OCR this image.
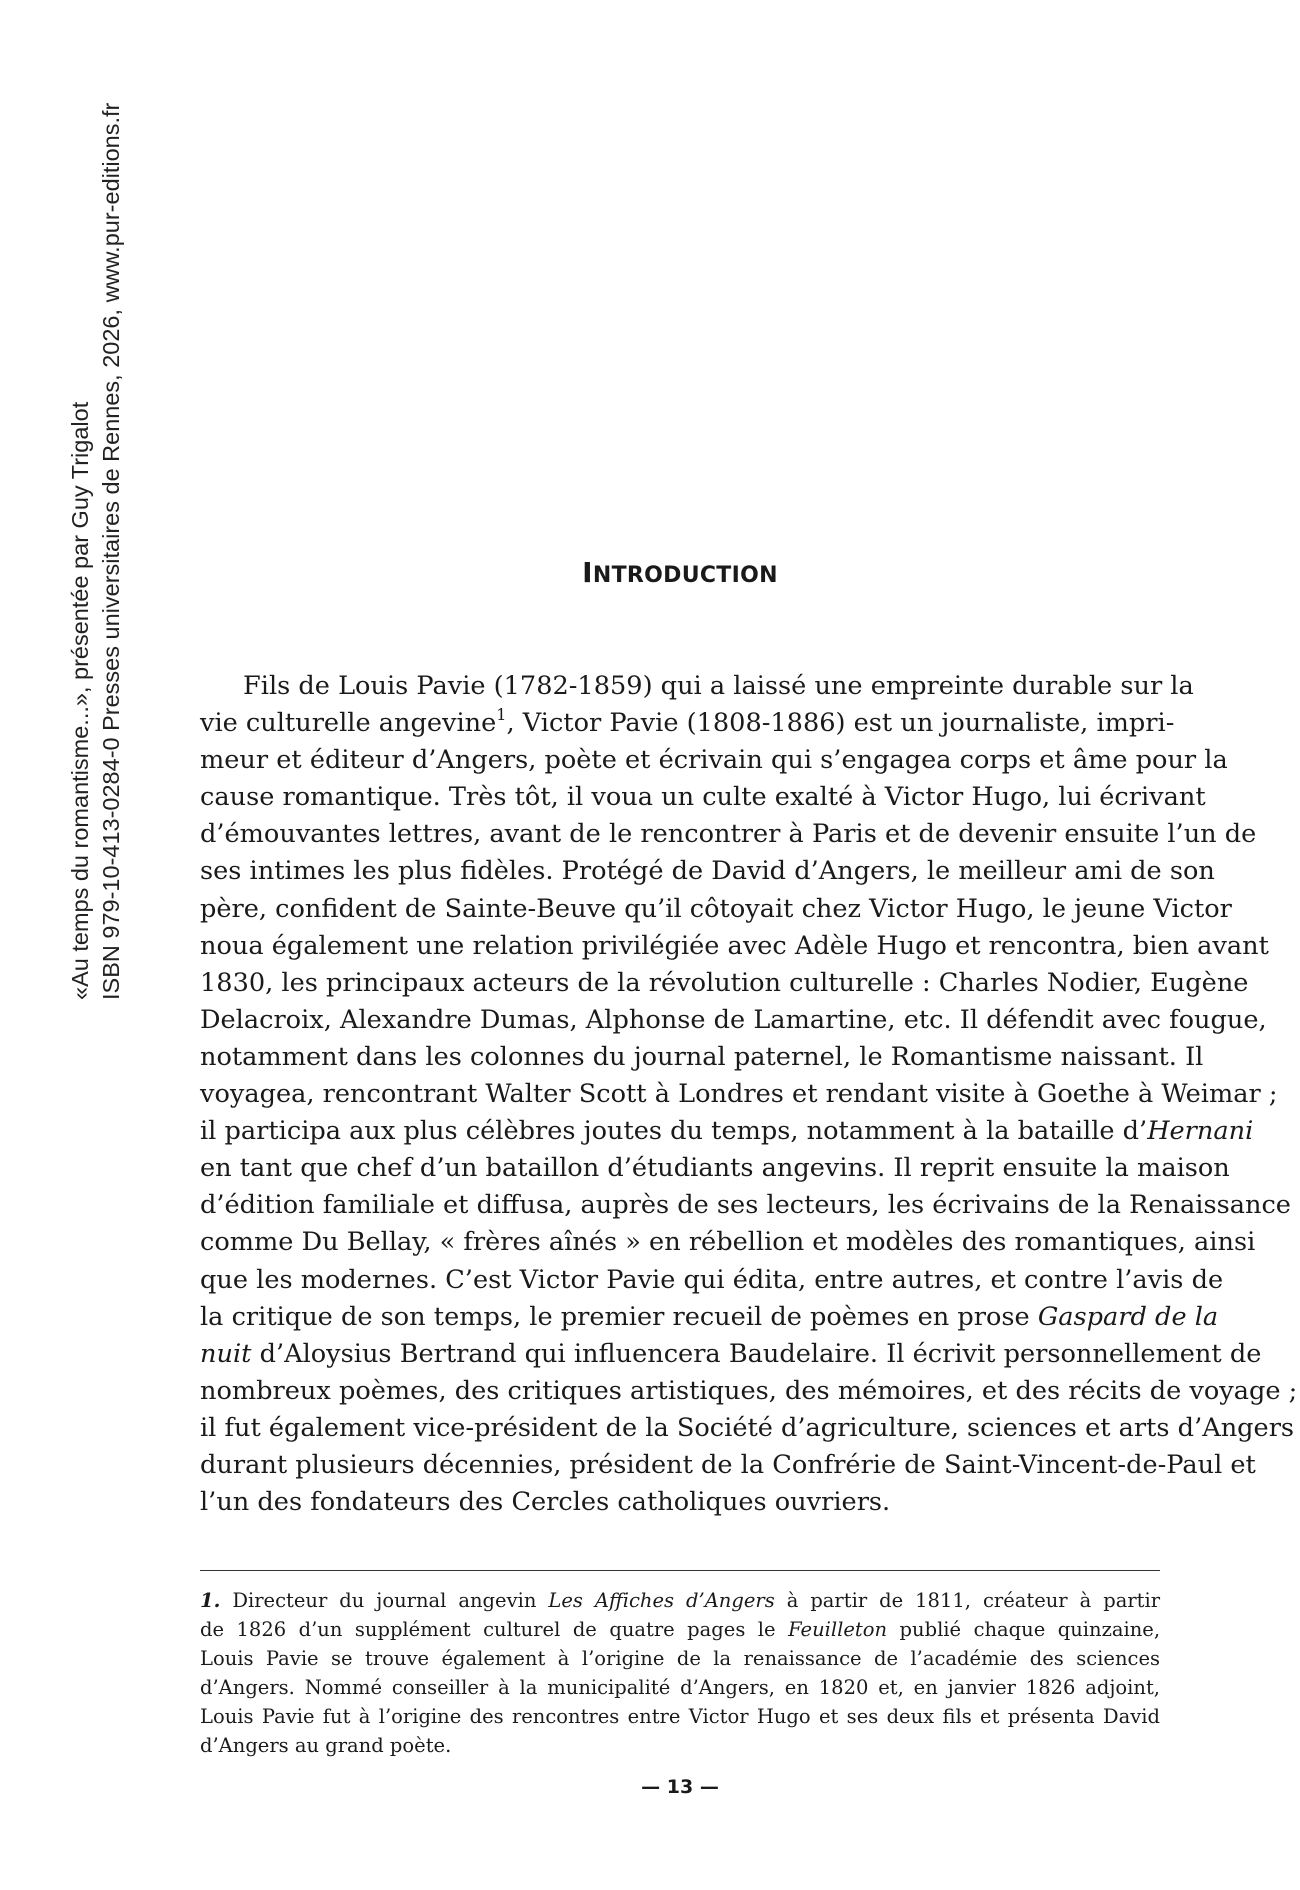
«Au temps du romantisme...», présentée par Guy Trigalot ISBN 979-10-413-0284-0 Presses universitaires de Rennes, 2026, www.pur-editions.fr	INTRODUCTION
Fils de Louis Pavie (1782-1859) qui a laissé une empreinte durable sur la
vie culturelle angevine$^1$, Victor Pavie (1808-1886) est un journaliste, impri-
meur et éditeur d’Angers, poète et écrivain qui s’engagea corps et âme pour la
cause romantique. Très tôt, il voua un culte exalté à Victor Hugo, lui écrivant
d’émouvantes lettres, avant de le rencontrer à Paris et de devenir ensuite l’un de
ses intimes les plus fidèles. Protégé de David d’Angers, le meilleur ami de son
père, confident de Sainte-Beuve qu’il côtoyait chez Victor Hugo, le jeune Victor
noua également une relation privilégiée avec Adèle Hugo et rencontra, bien avant
1830, les principaux acteurs de la révolution culturelle : Charles Nodier, Eugène
Delacroix, Alexandre Dumas, Alphonse de Lamartine, etc. Il défendit avec fougue,
notamment dans les colonnes du journal paternel, le Romantisme naissant. Il
voyagea, rencontrant Walter Scott à Londres et rendant visite à Goethe à Weimar ;
il participa aux plus célèbres joutes du temps, notamment à la bataille d’Hernani
en tant que chef d’un bataillon d’étudiants angevins. Il reprit ensuite la maison
d’édition familiale et diffusa, auprès de ses lecteurs, les écrivains de la Renaissance
comme Du Bellay, « frères aînés » en rébellion et modèles des romantiques, ainsi
que les modernes. C’est Victor Pavie qui édita, entre autres, et contre l’avis de
la critique de son temps, le premier recueil de poèmes en prose Gaspard de la
nuit d’Aloysius Bertrand qui influencera Baudelaire. Il écrivit personnellement de
nombreux poèmes, des critiques artistiques, des mémoires, et des récits de voyage ;
il fut également vice-président de la Société d’agriculture, sciences et arts d’Angers
durant plusieurs décennies, président de la Confrérie de Saint-Vincent-de-Paul et
l’un des fondateurs des Cercles catholiques ouvriers.
1. Directeur du journal angevin Les Affiches d’Angers à partir de 1811, créateur à partir
de 1826 d’un supplément culturel de quatre pages le Feuilleton publié chaque quinzaine,
Louis Pavie se trouve également à l’origine de la renaissance de l’académie des sciences
d’Angers. Nommé conseiller à la municipalité d’Angers, en 1820 et, en janvier 1826 adjoint,
Louis Pavie fut à l’origine des rencontres entre Victor Hugo et ses deux fils et présenta David
d’Angers au grand poète.
— 13 —
